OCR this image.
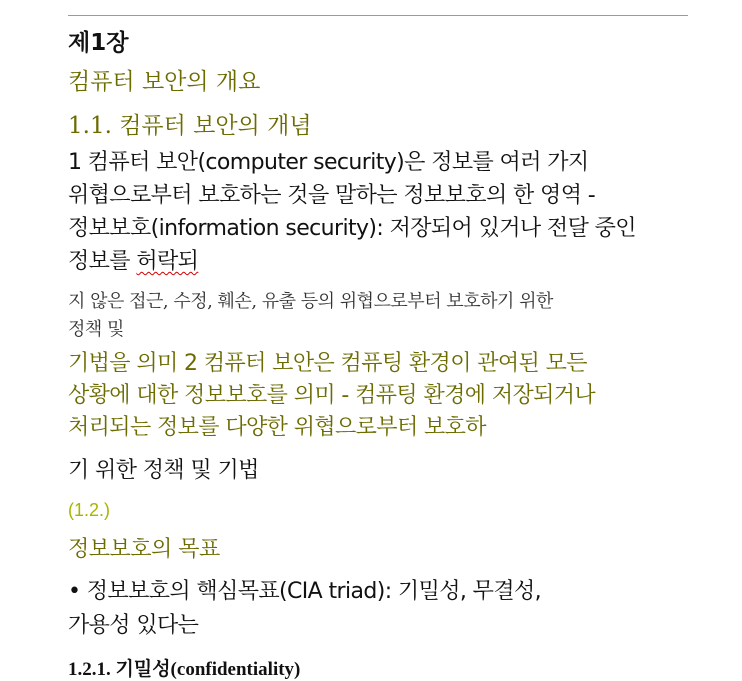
제1장
컴퓨터 보안의 개요
1.1. 컴퓨터 보안의 개념
1 컴퓨터 보안(computer security)은 정보를 여러 가지
위협으로부터 보호하는 것을 말하는 정보보호의 한 영역 -
정보보호(information security): 저장되어 있거나 전달 중인
정보를 허락되
지 않은 접근, 수정, 훼손, 유출 등의 위협으로부터 보호하기 위한
정책 및
기법을 의미 2 컴퓨터 보안은 컴퓨팅 환경이 관여된 모든
상황에 대한 정보보호를 의미 - 컴퓨팅 환경에 저장되거나
처리되는 정보를 다양한 위협으로부터 보호하
기 위한 정책 및 기법
(1.2.)
정보보호의 목표
• 정보보호의 핵심목표(CIA triad): 기밀성, 무결성,
가용성 있다는
1.2.1. 기밀성(confidentiality)
